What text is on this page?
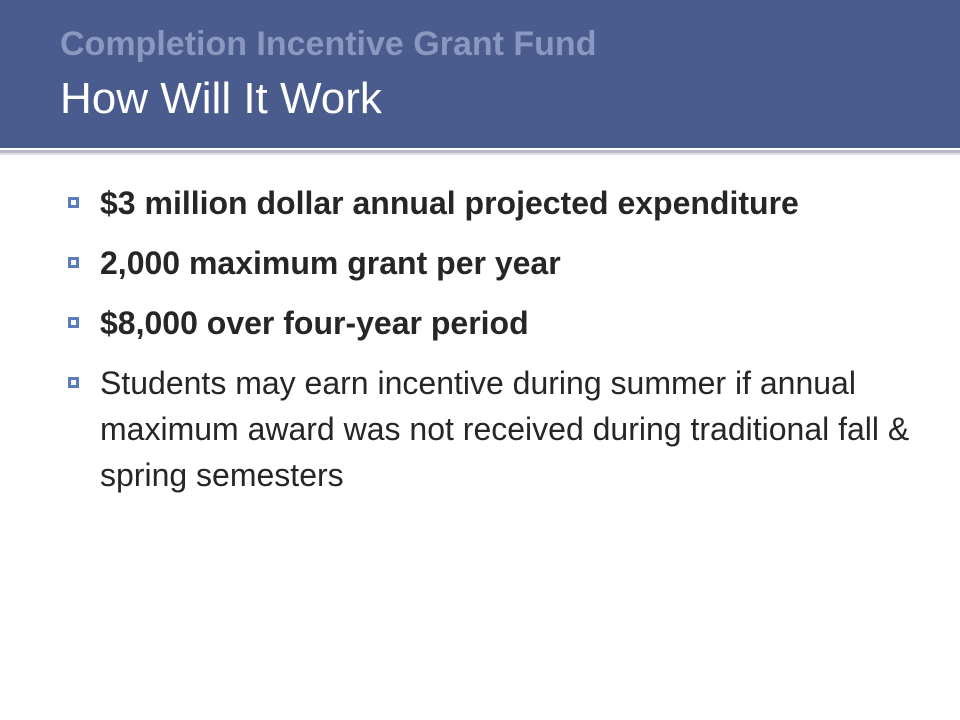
Completion Incentive Grant Fund
How Will It Work
$3 million dollar annual projected expenditure
2,000 maximum grant per year
$8,000 over four-year period
Students may earn incentive during summer if annual maximum award was not received during traditional fall & spring semesters
